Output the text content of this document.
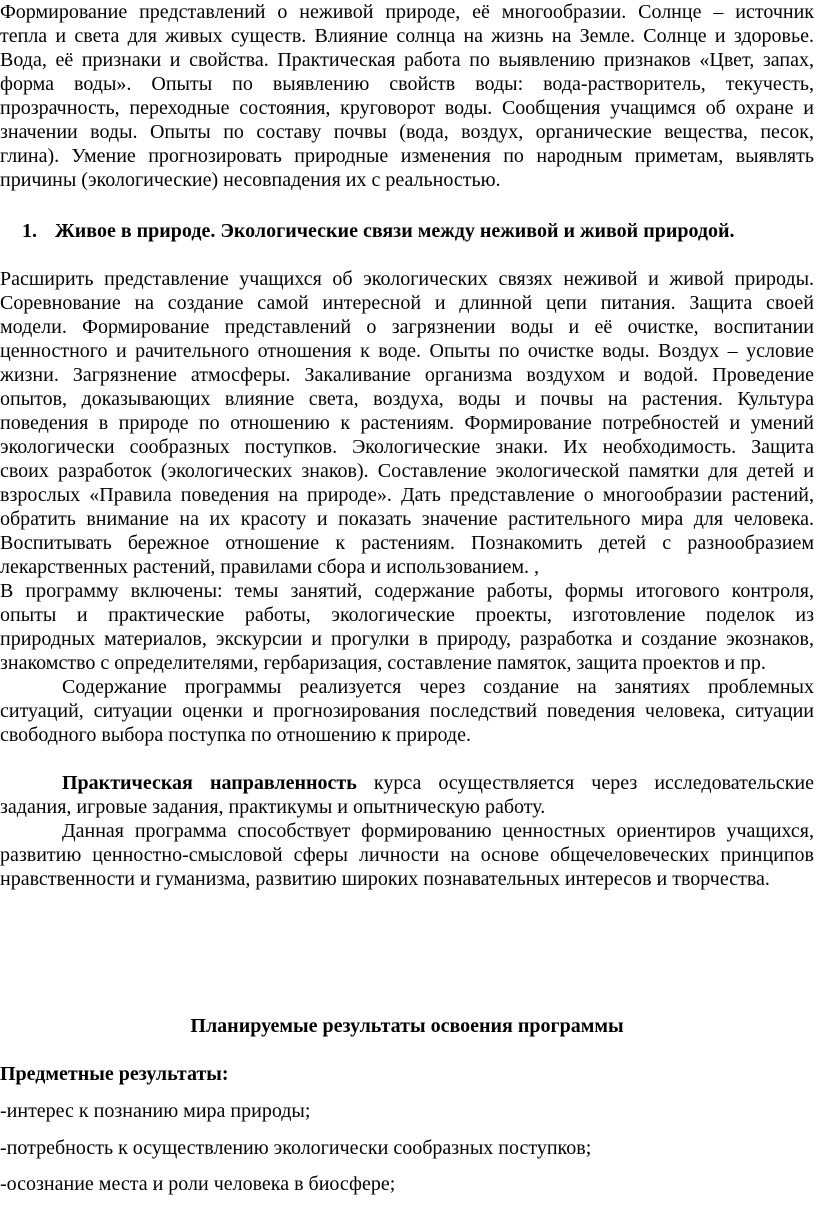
Формирование представлений о неживой природе, её многообразии. Солнце – источник
тепла и света для живых существ. Влияние солнца на жизнь на Земле. Солнце и здоровье.
Вода, её признаки и свойства. Практическая работа по выявлению признаков «Цвет, запах,
форма воды». Опыты по выявлению свойств воды: вода-растворитель, текучесть,
прозрачность, переходные состояния, круговорот воды. Сообщения учащимся об охране и
значении воды. Опыты по составу почвы (вода, воздух, органические вещества, песок,
глина). Умение прогнозировать природные изменения по народным приметам, выявлять
причины (экологические) несовпадения их с реальностью.
1. Живое в природе. Экологические связи между неживой и живой природой.
Расширить представление учащихся об экологических связях неживой и живой природы.
Соревнование на создание самой интересной и длинной цепи питания. Защита своей
модели. Формирование представлений о загрязнении воды и её очистке, воспитании
ценностного и рачительного отношения к воде. Опыты по очистке воды. Воздух – условие
жизни. Загрязнение атмосферы. Закаливание организма воздухом и водой. Проведение
опытов, доказывающих влияние света, воздуха, воды и почвы на растения. Культура
поведения в природе по отношению к растениям. Формирование потребностей и умений
экологически сообразных поступков. Экологические знаки. Их необходимость. Защита
своих разработок (экологических знаков). Составление экологической памятки для детей и
взрослых «Правила поведения на природе». Дать представление о многообразии растений,
обратить внимание на их красоту и показать значение растительного мира для человека.
Воспитывать бережное отношение к растениям. Познакомить детей с разнообразием
лекарственных растений, правилами сбора и использованием. ,
В программу включены: темы занятий, содержание работы, формы итогового контроля,
опыты и практические работы, экологические проекты, изготовление поделок из
природных материалов, экскурсии и прогулки в природу, разработка и создание экознаков,
знакомство с определителями, гербаризация, составление памяток, защита проектов и пр.
Содержание программы реализуется через создание на занятиях проблемных
ситуаций, ситуации оценки и прогнозирования последствий поведения человека, ситуации
свободного выбора поступка по отношению к природе.
Практическая направленность курса осуществляется через исследовательские
задания, игровые задания, практикумы и опытническую работу.
Данная программа способствует формированию ценностных ориентиров учащихся,
развитию ценностно-смысловой сферы личности на основе общечеловеческих принципов
нравственности и гуманизма, развитию широких познавательных интересов и творчества.
Планируемые результаты освоения программы
Предметные результаты:
-интерес к познанию мира природы;
-потребность к осуществлению экологически сообразных поступков;
-осознание места и роли человека в биосфере;
